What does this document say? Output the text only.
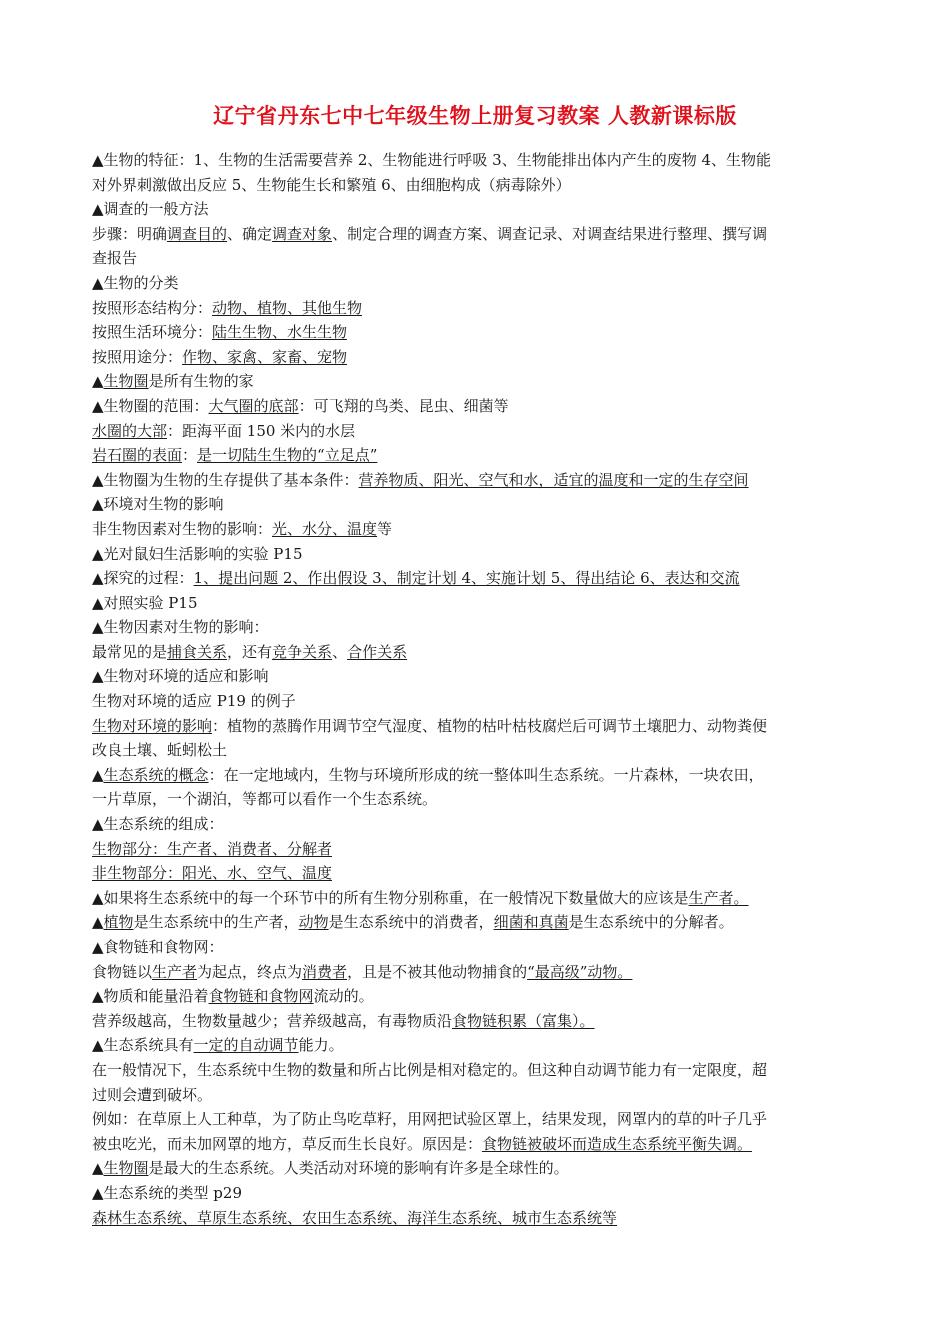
辽宁省丹东七中七年级生物上册复习教案 人教新课标版
▲生物的特征：1、生物的生活需要营养 2、生物能进行呼吸 3、生物能排出体内产生的废物 4、生物能
对外界刺激做出反应 5、生物能生长和繁殖 6、由细胞构成（病毒除外）
▲调查的一般方法
步骤：明确调查目的、确定调查对象、制定合理的调查方案、调查记录、对调查结果进行整理、撰写调
查报告
▲生物的分类
按照形态结构分：动物、植物、其他生物
按照生活环境分：陆生生物、水生生物
按照用途分：作物、家禽、家畜、宠物
▲生物圈是所有生物的家
▲生物圈的范围：大气圈的底部：可飞翔的鸟类、昆虫、细菌等
水圈的大部：距海平面 150 米内的水层
岩石圈的表面：是一切陆生生物的“立足点”
▲生物圈为生物的生存提供了基本条件：营养物质、阳光、空气和水，适宜的温度和一定的生存空间
▲环境对生物的影响
非生物因素对生物的影响：光、水分、温度等
▲光对鼠妇生活影响的实验 P15
▲探究的过程：1、提出问题 2、作出假设 3、制定计划 4、实施计划 5、得出结论 6、表达和交流
▲对照实验 P15
▲生物因素对生物的影响：
最常见的是捕食关系，还有竞争关系、合作关系
▲生物对环境的适应和影响
生物对环境的适应 P19 的例子
生物对环境的影响：植物的蒸腾作用调节空气湿度、植物的枯叶枯枝腐烂后可调节土壤肥力、动物粪便
改良土壤、蚯蚓松土
▲生态系统的概念：在一定地域内，生物与环境所形成的统一整体叫生态系统。一片森林，一块农田，
一片草原，一个湖泊，等都可以看作一个生态系统。
▲生态系统的组成：
生物部分：生产者、消费者、分解者
非生物部分：阳光、水、空气、温度
▲如果将生态系统中的每一个环节中的所有生物分别称重，在一般情况下数量做大的应该是生产者。
▲植物是生态系统中的生产者，动物是生态系统中的消费者，细菌和真菌是生态系统中的分解者。
▲食物链和食物网：
食物链以生产者为起点，终点为消费者，且是不被其他动物捕食的“最高级”动物。
▲物质和能量沿着食物链和食物网流动的。
营养级越高，生物数量越少；营养级越高，有毒物质沿食物链积累（富集）。
▲生态系统具有一定的自动调节能力。
在一般情况下，生态系统中生物的数量和所占比例是相对稳定的。但这种自动调节能力有一定限度，超
过则会遭到破坏。
例如：在草原上人工种草，为了防止鸟吃草籽，用网把试验区罩上，结果发现，网罩内的草的叶子几乎
被虫吃光，而未加网罩的地方，草反而生长良好。原因是：食物链被破坏而造成生态系统平衡失调。
▲生物圈是最大的生态系统。人类活动对环境的影响有许多是全球性的。
▲生态系统的类型 p29
森林生态系统、草原生态系统、农田生态系统、海洋生态系统、城市生态系统等
